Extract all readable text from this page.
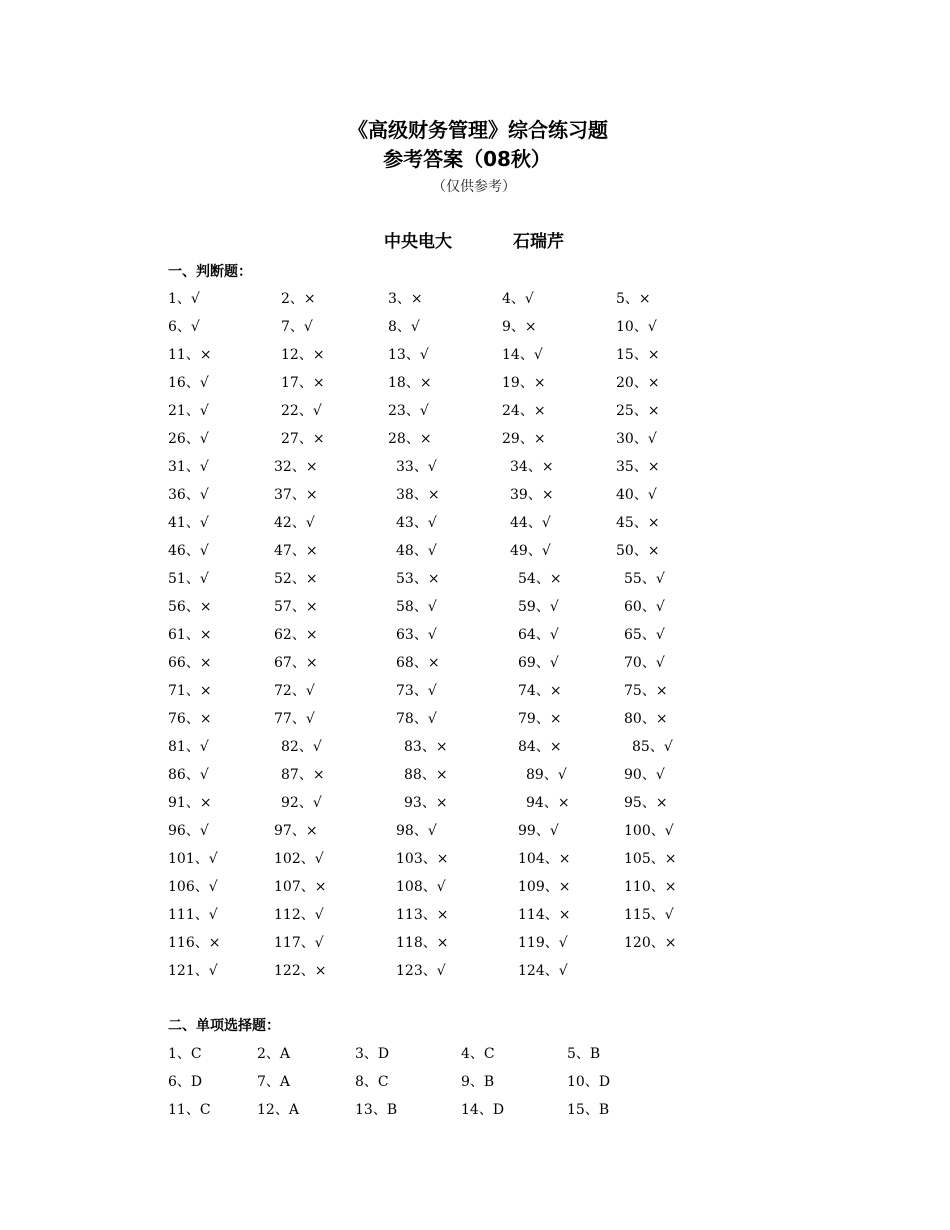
《高级财务管理》综合练习题
参考答案（08秋）
（仅供参考）
中央电大	石瑞芹
一、判断题：
1、√	2、×	3、×	4、√	5、×
6、√	7、√	8、√	9、×	10、√
11、×	12、×	13、√	14、√	15、×
16、√	17、×	18、×	19、×	20、×
21、√	22、√	23、√	24、×	25、×
26、√	27、×	28、×	29、×	30、√
31、√	32、×	33、√	34、×	35、×
36、√	37、×	38、×	39、×	40、√
41、√	42、√	43、√	44、√	45、×
46、√	47、×	48、√	49、√	50、×
51、√	52、×	53、×	54、×	55、√
56、×	57、×	58、√	59、√	60、√
61、×	62、×	63、√	64、√	65、√
66、×	67、×	68、×	69、√	70、√
71、×	72、√	73、√	74、×	75、×
76、×	77、√	78、√	79、×	80、×
81、√	82、√	83、×	84、×	85、√
86、√	87、×	88、×	89、√	90、√
91、×	92、√	93、×	94、×	95、×
96、√	97、×	98、√	99、√	100、√
101、√	102、√	103、×	104、×	105、×
106、√	107、×	108、√	109、×	110、×
111、√	112、√	113、×	114、×	115、√
116、×	117、√	118、×	119、√	120、×
121、√	122、×	123、√	124、√
二、单项选择题：
1、C	2、A	3、D	4、C	5、B
6、D	7、A	8、C	9、B	10、D
11、C	12、A	13、B	14、D	15、B
